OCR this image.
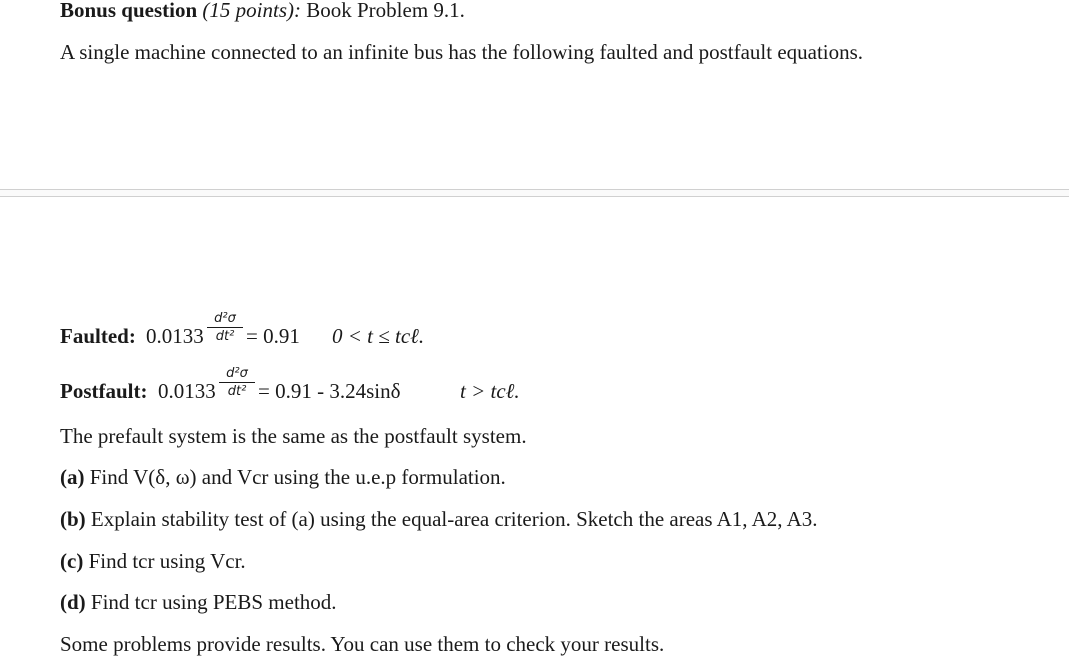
Bonus question (15 points): Book Problem 9.1.
A single machine connected to an infinite bus has the following faulted and postfault equations.
Faulted: 0.0133
d²σ
dt² = 0.91 0 < t ≤ tcℓ.
Postfault: 0.0133
d²σ
dt² = 0.91 - 3.24sinδ	t > tcℓ.
The prefault system is the same as the postfault system.
(a) Find V(δ, ω) and Vcr using the u.e.p formulation.
(b) Explain stability test of (a) using the equal-area criterion. Sketch the areas A1, A2, A3.
(c) Find tcr using Vcr.
(d) Find tcr using PEBS method.
Some problems provide results. You can use them to check your results.
